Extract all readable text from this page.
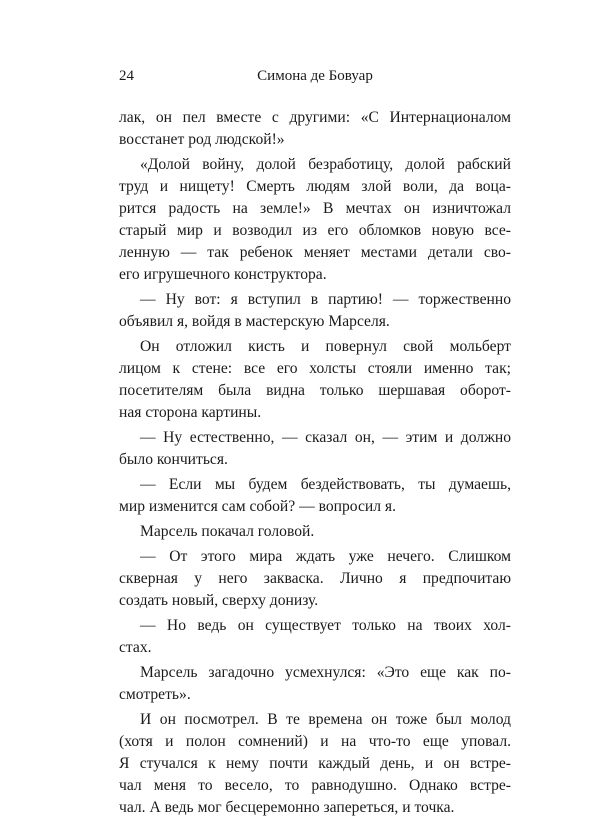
24	Симона де Бовуар
лак, он пел вместе с другими: «С Интернационалом
восстанет род людской!»
«Долой войну, долой безработицу, долой рабский
труд и нищету! Смерть людям злой воли, да воца-
рится радость на земле!» В мечтах он изничтожал
старый мир и возводил из его обломков новую все-
ленную — так ребенок меняет местами детали сво-
его игрушечного конструктора.
— Ну вот: я вступил в партию! — торжественно
объявил я, войдя в мастерскую Марселя.
Он отложил кисть и повернул свой мольберт
лицом к стене: все его холсты стояли именно так;
посетителям была видна только шершавая оборот-
ная сторона картины.
— Ну естественно, — сказал он, — этим и должно
было кончиться.
— Если мы будем бездействовать, ты думаешь,
мир изменится сам собой? — вопросил я.
Марсель покачал головой.
— От этого мира ждать уже нечего. Слишком
скверная у него закваска. Лично я предпочитаю
создать новый, сверху донизу.
— Но ведь он существует только на твоих хол-
стах.
Марсель загадочно усмехнулся: «Это еще как по-
смотреть».
И он посмотрел. В те времена он тоже был молод
(хотя и полон сомнений) и на что-то еще уповал.
Я стучался к нему почти каждый день, и он встре-
чал меня то весело, то равнодушно. Однако встре-
чал. А ведь мог бесцеремонно запереться, и точка.
